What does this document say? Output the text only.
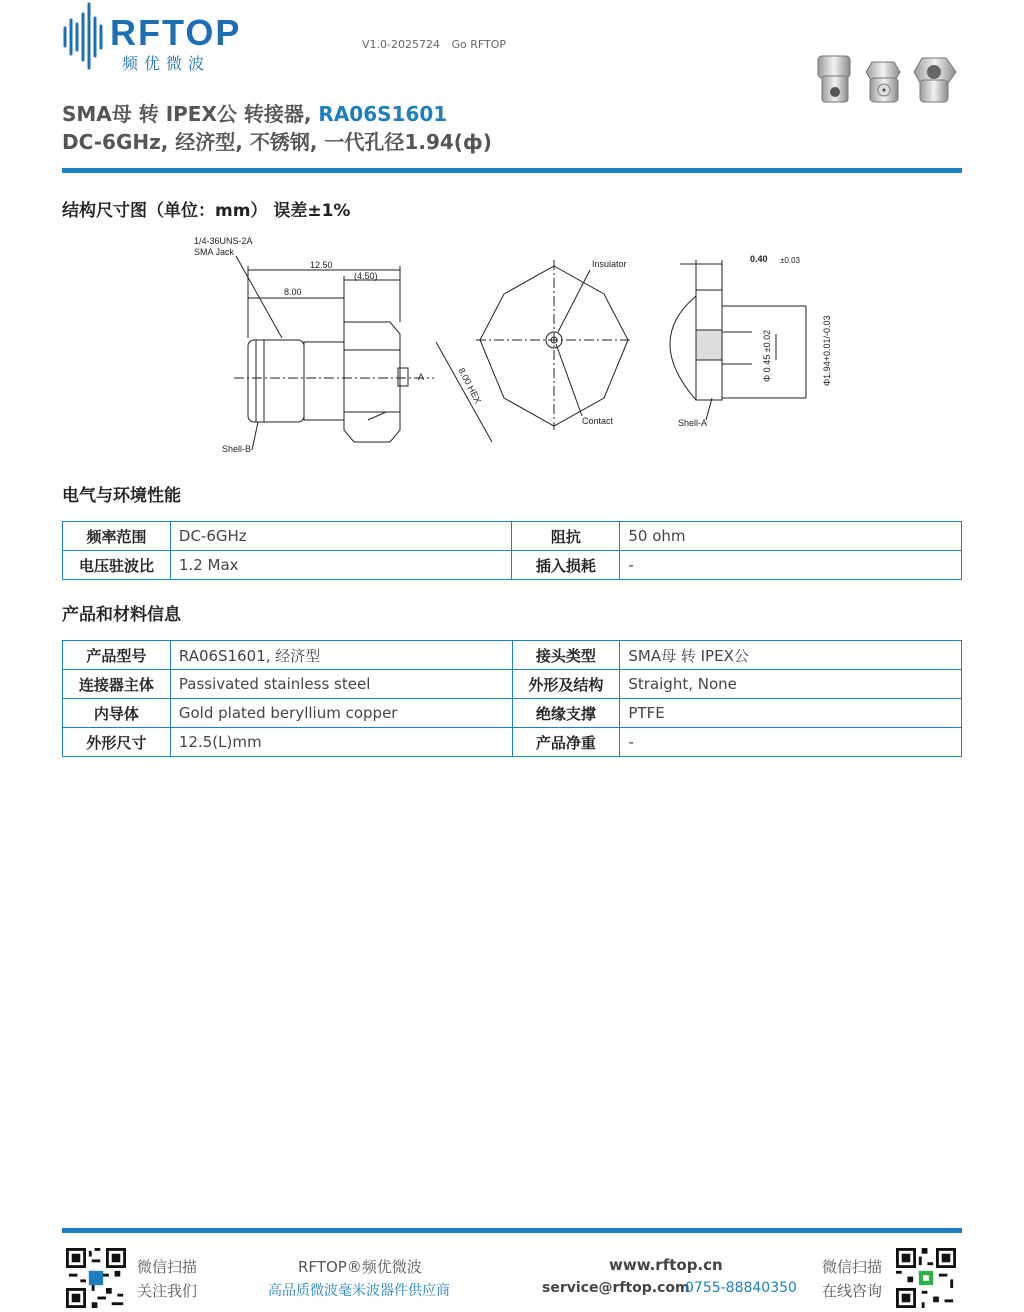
RFTOP
频优微波
V1.0-2025724 Go RFTOP
SMA母 转 IPEX公 转接器, RA06S1601
DC-6GHz, 经济型, 不锈钢, 一代孔径1.94(ф)
结构尺寸图（单位：mm） 误差±1%
1/4-36UNS-2A
SMA Jack
12.50
8.00
(4.50)
A
Shell-B
Insulator
Contact
8.00 HEX
0.40 ±0.03
Φ 0.45 ±0.02	Φ1.94+0.01/-0.03
Shell-A
电气与环境性能
频率范围	DC-6GHz	阻抗	50 ohm
电压驻波比	1.2 Max	插入损耗	-
产品和材料信息
产品型号	RA06S1601, 经济型	接头类型	SMA母 转 IPEX公
连接器主体	Passivated stainless steel	外形及结构	Straight, None
内导体	Gold plated beryllium copper	绝缘支撑	PTFE
外形尺寸	12.5(L)mm	产品净重	-
微信扫描
关注我们
RFTOP®频优微波
高品质微波毫米波器件供应商
www.rftop.cn
service@rftop.com
0755-88840350
微信扫描
在线咨询
